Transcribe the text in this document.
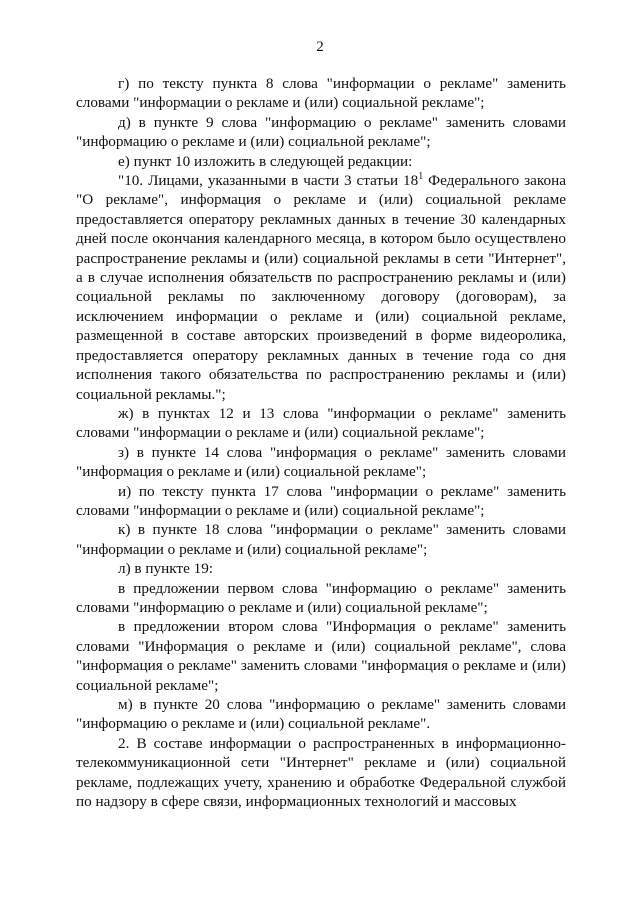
2

г) по тексту пункта 8 слова "информации о рекламе" заменить словами "информации о рекламе и (или) социальной рекламе";

д) в пункте 9 слова "информацию о рекламе" заменить словами "информацию о рекламе и (или) социальной рекламе";

е) пункт 10 изложить в следующей редакции:

"10. Лицами, указанными в части 3 статьи $18^1$ Федерального закона "О рекламе", информация о рекламе и (или) социальной рекламе предоставляется оператору рекламных данных в течение 30 календарных дней после окончания календарного месяца, в котором было осуществлено распространение рекламы и (или) социальной рекламы в сети "Интернет", а в случае исполнения обязательств по распространению рекламы и (или) социальной рекламы по заключенному договору (договорам), за исключением информации о рекламе и (или) социальной рекламе, размещенной в составе авторских произведений в форме видеоролика, предоставляется оператору рекламных данных в течение года со дня исполнения такого обязательства по распространению рекламы и (или) социальной рекламы.";

ж) в пунктах 12 и 13 слова "информации о рекламе" заменить словами "информации о рекламе и (или) социальной рекламе";

з) в пункте 14 слова "информация о рекламе" заменить словами "информация о рекламе и (или) социальной рекламе";

и) по тексту пункта 17 слова "информации о рекламе" заменить словами "информации о рекламе и (или) социальной рекламе";

к) в пункте 18 слова "информации о рекламе" заменить словами "информации о рекламе и (или) социальной рекламе";

л) в пункте 19:

в предложении первом слова "информацию о рекламе" заменить словами "информацию о рекламе и (или) социальной рекламе";

в предложении втором слова "Информация о рекламе" заменить словами "Информация о рекламе и (или) социальной рекламе", слова "информация о рекламе" заменить словами "информация о рекламе и (или) социальной рекламе";

м) в пункте 20 слова "информацию о рекламе" заменить словами "информацию о рекламе и (или) социальной рекламе".

2. В составе информации о распространенных в информационно-телекоммуникационной сети "Интернет" рекламе и (или) социальной рекламе, подлежащих учету, хранению и обработке Федеральной службой по надзору в сфере связи, информационных технологий и массовых
